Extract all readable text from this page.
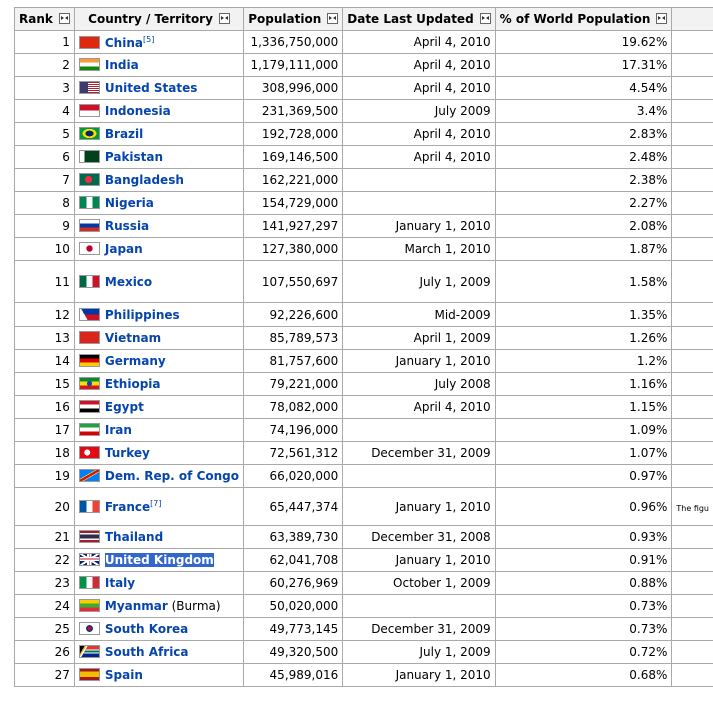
Rank	Country / Territory	Population	Date Last Updated	% of World Population	
1	China[5]	1,336,750,000	April 4, 2010	19.62%	
2	India	1,179,111,000	April 4, 2010	17.31%	
3	United States	308,996,000	April 4, 2010	4.54%	
4	Indonesia	231,369,500	July 2009	3.4%	
5	Brazil	192,728,000	April 4, 2010	2.83%	
6	Pakistan	169,146,500	April 4, 2010	2.48%	
7	Bangladesh	162,221,000		2.38%	
8	Nigeria	154,729,000		2.27%	
9	Russia	141,927,297	January 1, 2010	2.08%	
10	Japan	127,380,000	March 1, 2010	1.87%	
11	Mexico	107,550,697	July 1, 2009	1.58%	
12	Philippines	92,226,600	Mid-2009	1.35%	
13	Vietnam	85,789,573	April 1, 2009	1.26%	
14	Germany	81,757,600	January 1, 2010	1.2%	
15	Ethiopia	79,221,000	July 2008	1.16%	
16	Egypt	78,082,000	April 4, 2010	1.15%	
17	Iran	74,196,000		1.09%	
18	Turkey	72,561,312	December 31, 2009	1.07%	
19	Dem. Rep. of Congo	66,020,000		0.97%	
20	France[7]	65,447,374	January 1, 2010	0.96%	The figu
21	Thailand	63,389,730	December 31, 2008	0.93%	
22	United Kingdom	62,041,708	January 1, 2010	0.91%	
23	Italy	60,276,969	October 1, 2009	0.88%	
24	Myanmar (Burma)	50,020,000		0.73%	
25	South Korea	49,773,145	December 31, 2009	0.73%	
26	South Africa	49,320,500	July 1, 2009	0.72%	
27	Spain	45,989,016	January 1, 2010	0.68%	
